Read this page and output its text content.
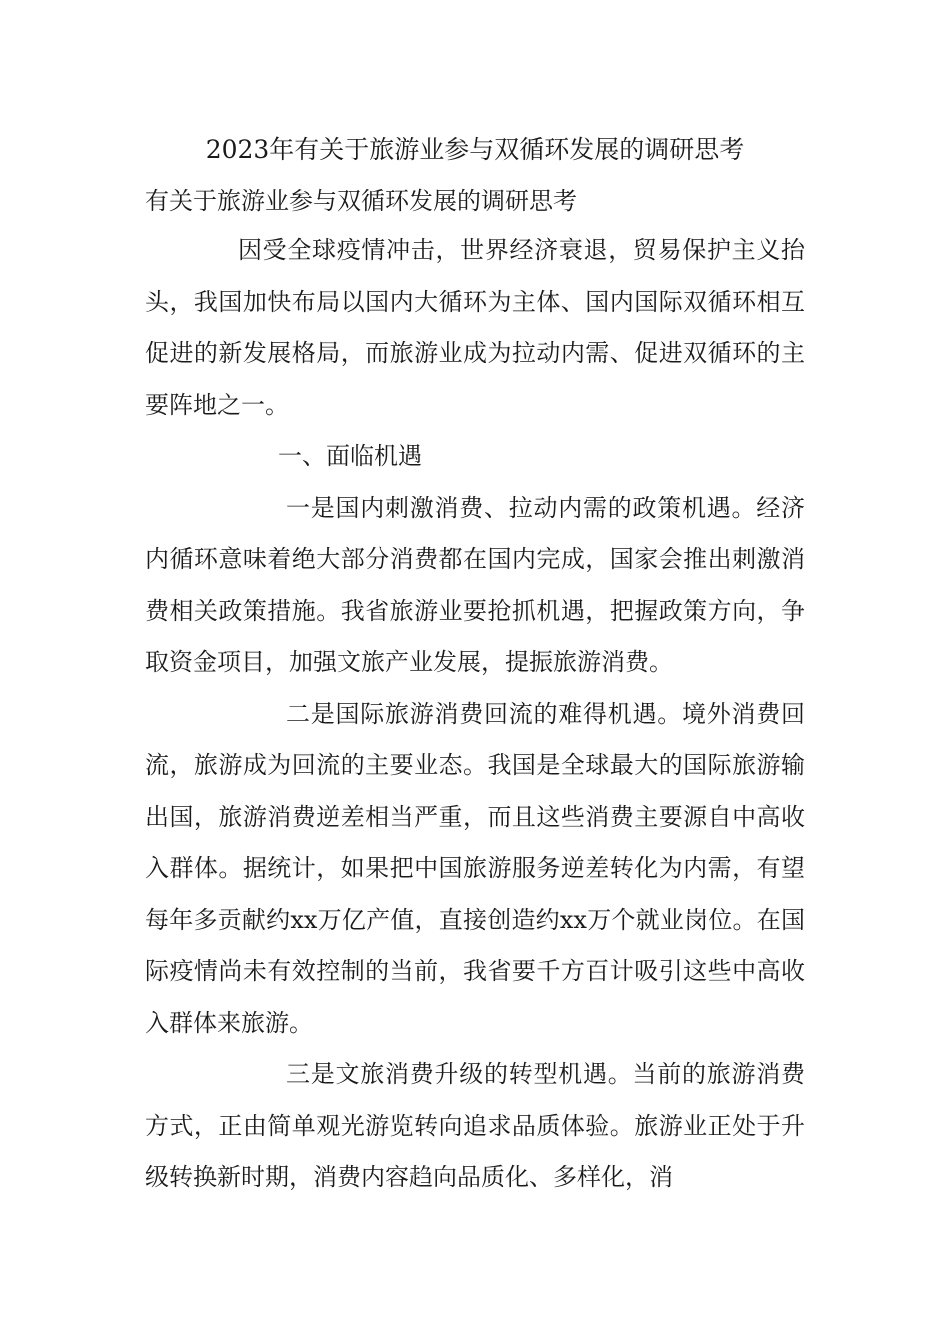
2023年有关于旅游业参与双循环发展的调研思考

有关于旅游业参与双循环发展的调研思考

因受全球疫情冲击，世界经济衰退，贸易保护主义抬头，我国加快布局以国内大循环为主体、国内国际双循环相互促进的新发展格局，而旅游业成为拉动内需、促进双循环的主要阵地之一。

一、面临机遇

一是国内刺激消费、拉动内需的政策机遇。经济内循环意味着绝大部分消费都在国内完成，国家会推出刺激消费相关政策措施。我省旅游业要抢抓机遇，把握政策方向，争取资金项目，加强文旅产业发展，提振旅游消费。

二是国际旅游消费回流的难得机遇。境外消费回流，旅游成为回流的主要业态。我国是全球最大的国际旅游输出国，旅游消费逆差相当严重，而且这些消费主要源自中高收入群体。据统计，如果把中国旅游服务逆差转化为内需，有望每年多贡献约xx万亿产值，直接创造约xx万个就业岗位。在国际疫情尚未有效控制的当前，我省要千方百计吸引这些中高收入群体来旅游。

三是文旅消费升级的转型机遇。当前的旅游消费方式，正由简单观光游览转向追求品质体验。旅游业正处于升级转换新时期，消费内容趋向品质化、多样化，消
